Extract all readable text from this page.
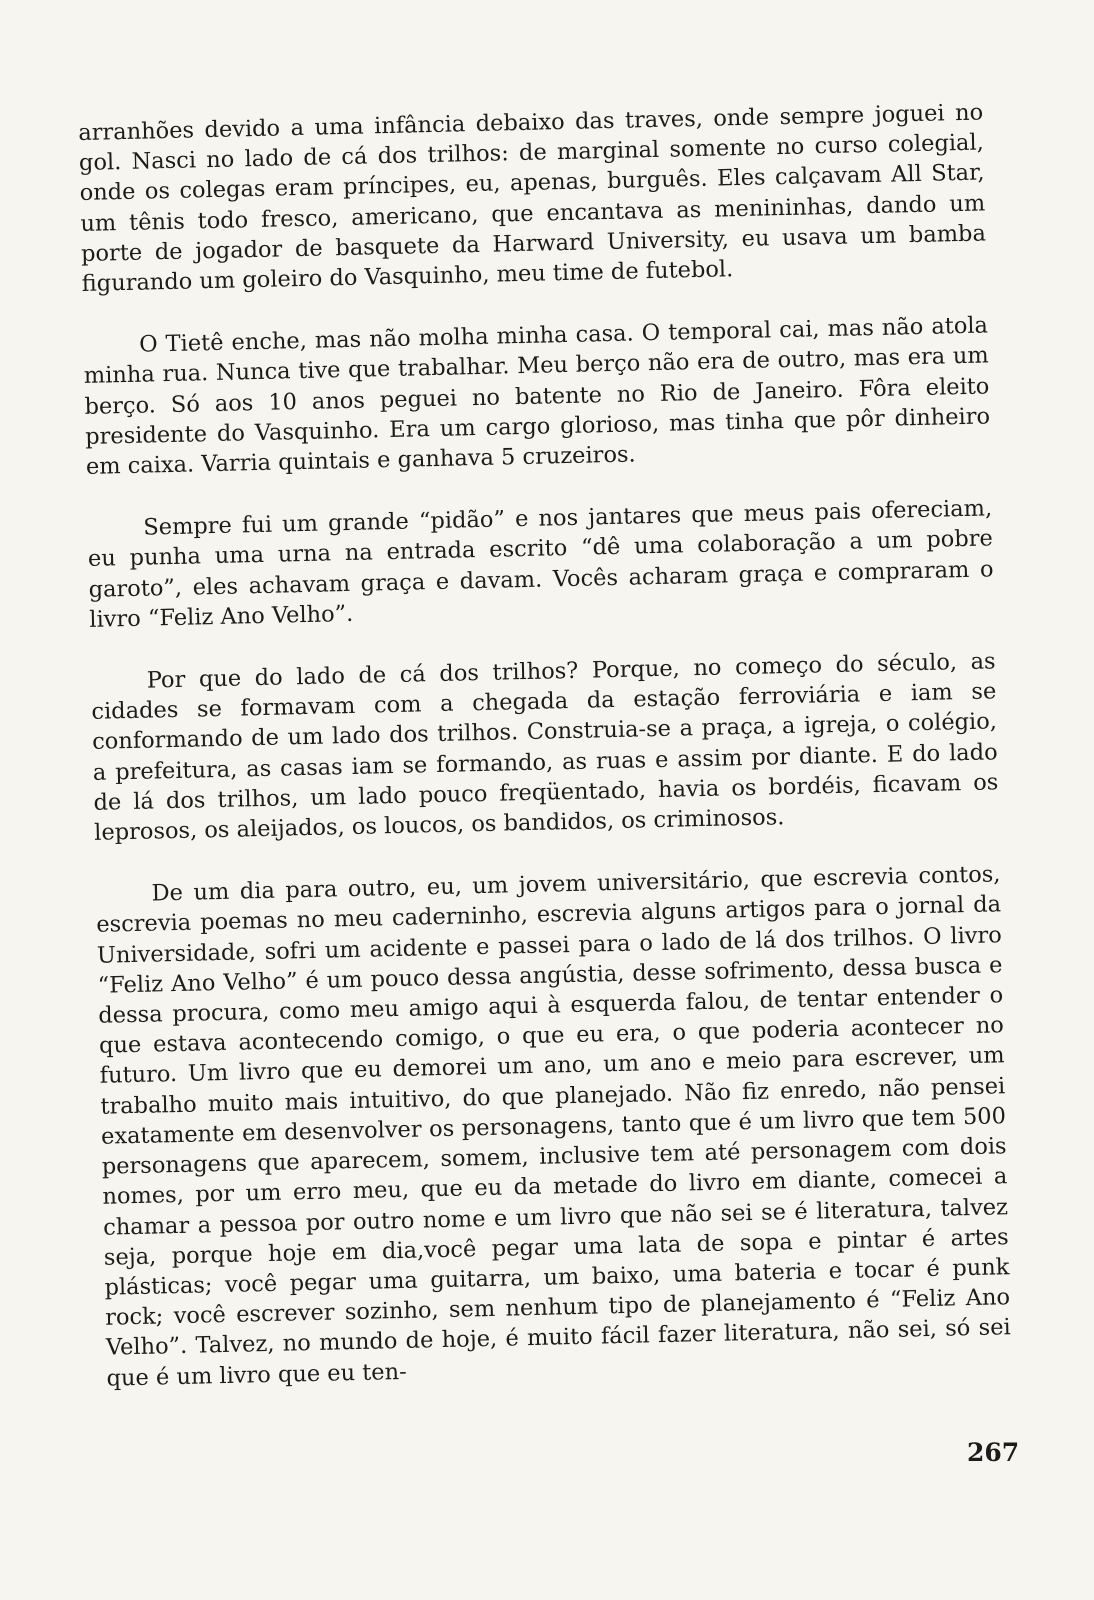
arranhões devido a uma infância debaixo das traves, onde sempre joguei no gol. Nasci no lado de cá dos trilhos: de marginal somente no curso colegial, onde os colegas eram príncipes, eu, apenas, burguês. Eles calçavam All Star, um tênis todo fresco, americano, que encantava as menininhas, dando um porte de jogador de basquete da Harward University, eu usava um bamba figurando um goleiro do Vasquinho, meu time de futebol.

O Tietê enche, mas não molha minha casa. O temporal cai, mas não atola minha rua. Nunca tive que trabalhar. Meu berço não era de outro, mas era um berço. Só aos 10 anos peguei no batente no Rio de Janeiro. Fôra eleito presidente do Vasquinho. Era um cargo glorioso, mas tinha que pôr dinheiro em caixa. Varria quintais e ganhava 5 cruzeiros.

Sempre fui um grande “pidão” e nos jantares que meus pais ofereciam, eu punha uma urna na entrada escrito “dê uma colaboração a um pobre garoto”, eles achavam graça e davam. Vocês acharam graça e compraram o livro “Feliz Ano Velho”.

Por que do lado de cá dos trilhos? Porque, no começo do século, as cidades se formavam com a chegada da estação ferroviária e iam se conformando de um lado dos trilhos. Construia-se a praça, a igreja, o colégio, a prefeitura, as casas iam se formando, as ruas e assim por diante. E do lado de lá dos trilhos, um lado pouco freqüentado, havia os bordéis, ficavam os leprosos, os aleijados, os loucos, os bandidos, os criminosos.

De um dia para outro, eu, um jovem universitário, que escrevia contos, escrevia poemas no meu caderninho, escrevia alguns artigos para o jornal da Universidade, sofri um acidente e passei para o lado de lá dos trilhos. O livro “Feliz Ano Velho” é um pouco dessa angústia, desse sofrimento, dessa busca e dessa procura, como meu amigo aqui à esquerda falou, de tentar entender o que estava acontecendo comigo, o que eu era, o que poderia acontecer no futuro. Um livro que eu demorei um ano, um ano e meio para escrever, um trabalho muito mais intuitivo, do que planejado. Não fiz enredo, não pensei exatamente em desenvolver os personagens, tanto que é um livro que tem 500 personagens que aparecem, somem, inclusive tem até personagem com dois nomes, por um erro meu, que eu da metade do livro em diante, comecei a chamar a pessoa por outro nome e um livro que não sei se é literatura, talvez seja, porque hoje em dia,você pegar uma lata de sopa e pintar é artes plásticas; você pegar uma guitarra, um baixo, uma bateria e tocar é punk rock; você escrever sozinho, sem nenhum tipo de planejamento é “Feliz Ano Velho”. Talvez, no mundo de hoje, é muito fácil fazer literatura, não sei, só sei que é um livro que eu ten-

267
